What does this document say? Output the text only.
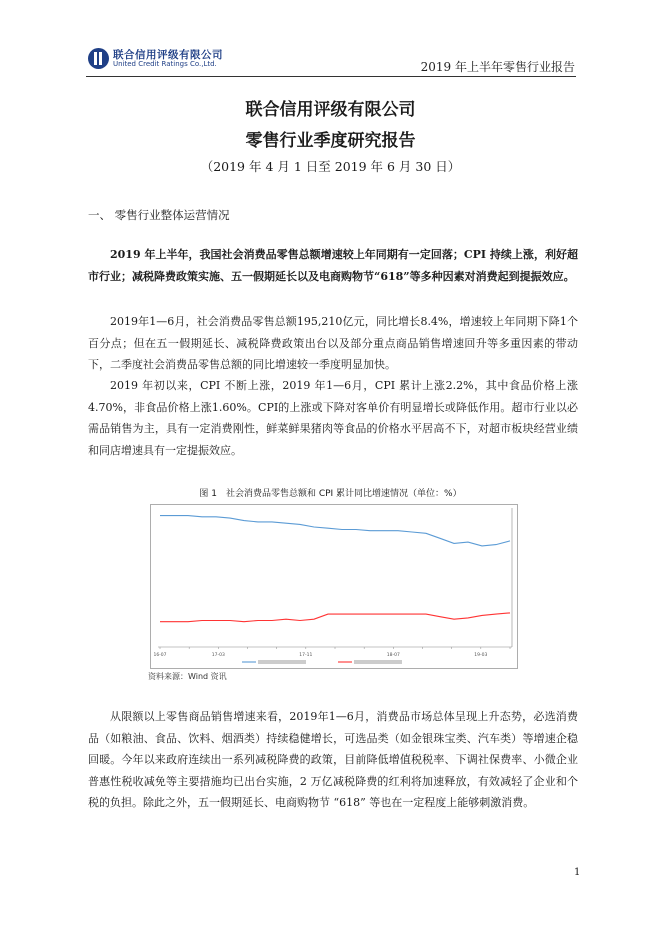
联合信用评级有限公司
United Credit Ratings Co.,Ltd.	2019 年上半年零售行业报告
联合信用评级有限公司
零售行业季度研究报告
（2019 年 4 月 1 日至 2019 年 6 月 30 日）
一、 零售行业整体运营情况
2019 年上半年，我国社会消费品零售总额增速较上年同期有一定回落；CPI 持续上涨，利好超市行业；减税降费政策实施、五一假期延长以及电商购物节“618”等多种因素对消费起到提振效应。
2019年1—6月，社会消费品零售总额195,210亿元，同比增长8.4%，增速较上年同期下降1个百分点；但在五一假期延长、减税降费政策出台以及部分重点商品销售增速回升等多重因素的带动下，二季度社会消费品零售总额的同比增速较一季度明显加快。
2019 年初以来，CPI 不断上涨，2019 年1—6月，CPI 累计上涨2.2%，其中食品价格上涨4.70%，非食品价格上涨1.60%。CPI的上涨或下降对客单价有明显增长或降低作用。超市行业以必需品销售为主，具有一定消费刚性，鲜菜鲜果猪肉等食品的价格水平居高不下，对超市板块经营业绩和同店增速具有一定提振效应。
图 1　社会消费品零售总额和 CPI 累计同比增速情况（单位：%）
16-07	17-03	17-11	18-07	19-03
资料来源：Wind 资讯
从限额以上零售商品销售增速来看，2019年1—6月，消费品市场总体呈现上升态势，必选消费品（如粮油、食品、饮料、烟酒类）持续稳健增长，可选品类（如金银珠宝类、汽车类）等增速企稳回暖。今年以来政府连续出一系列减税降费的政策，目前降低增值税税率、下调社保费率、小微企业普惠性税收减免等主要措施均已出台实施，2 万亿减税降费的红利将加速释放，有效减轻了企业和个税的负担。除此之外，五一假期延长、电商购物节 “618” 等也在一定程度上能够刺激消费。
1
